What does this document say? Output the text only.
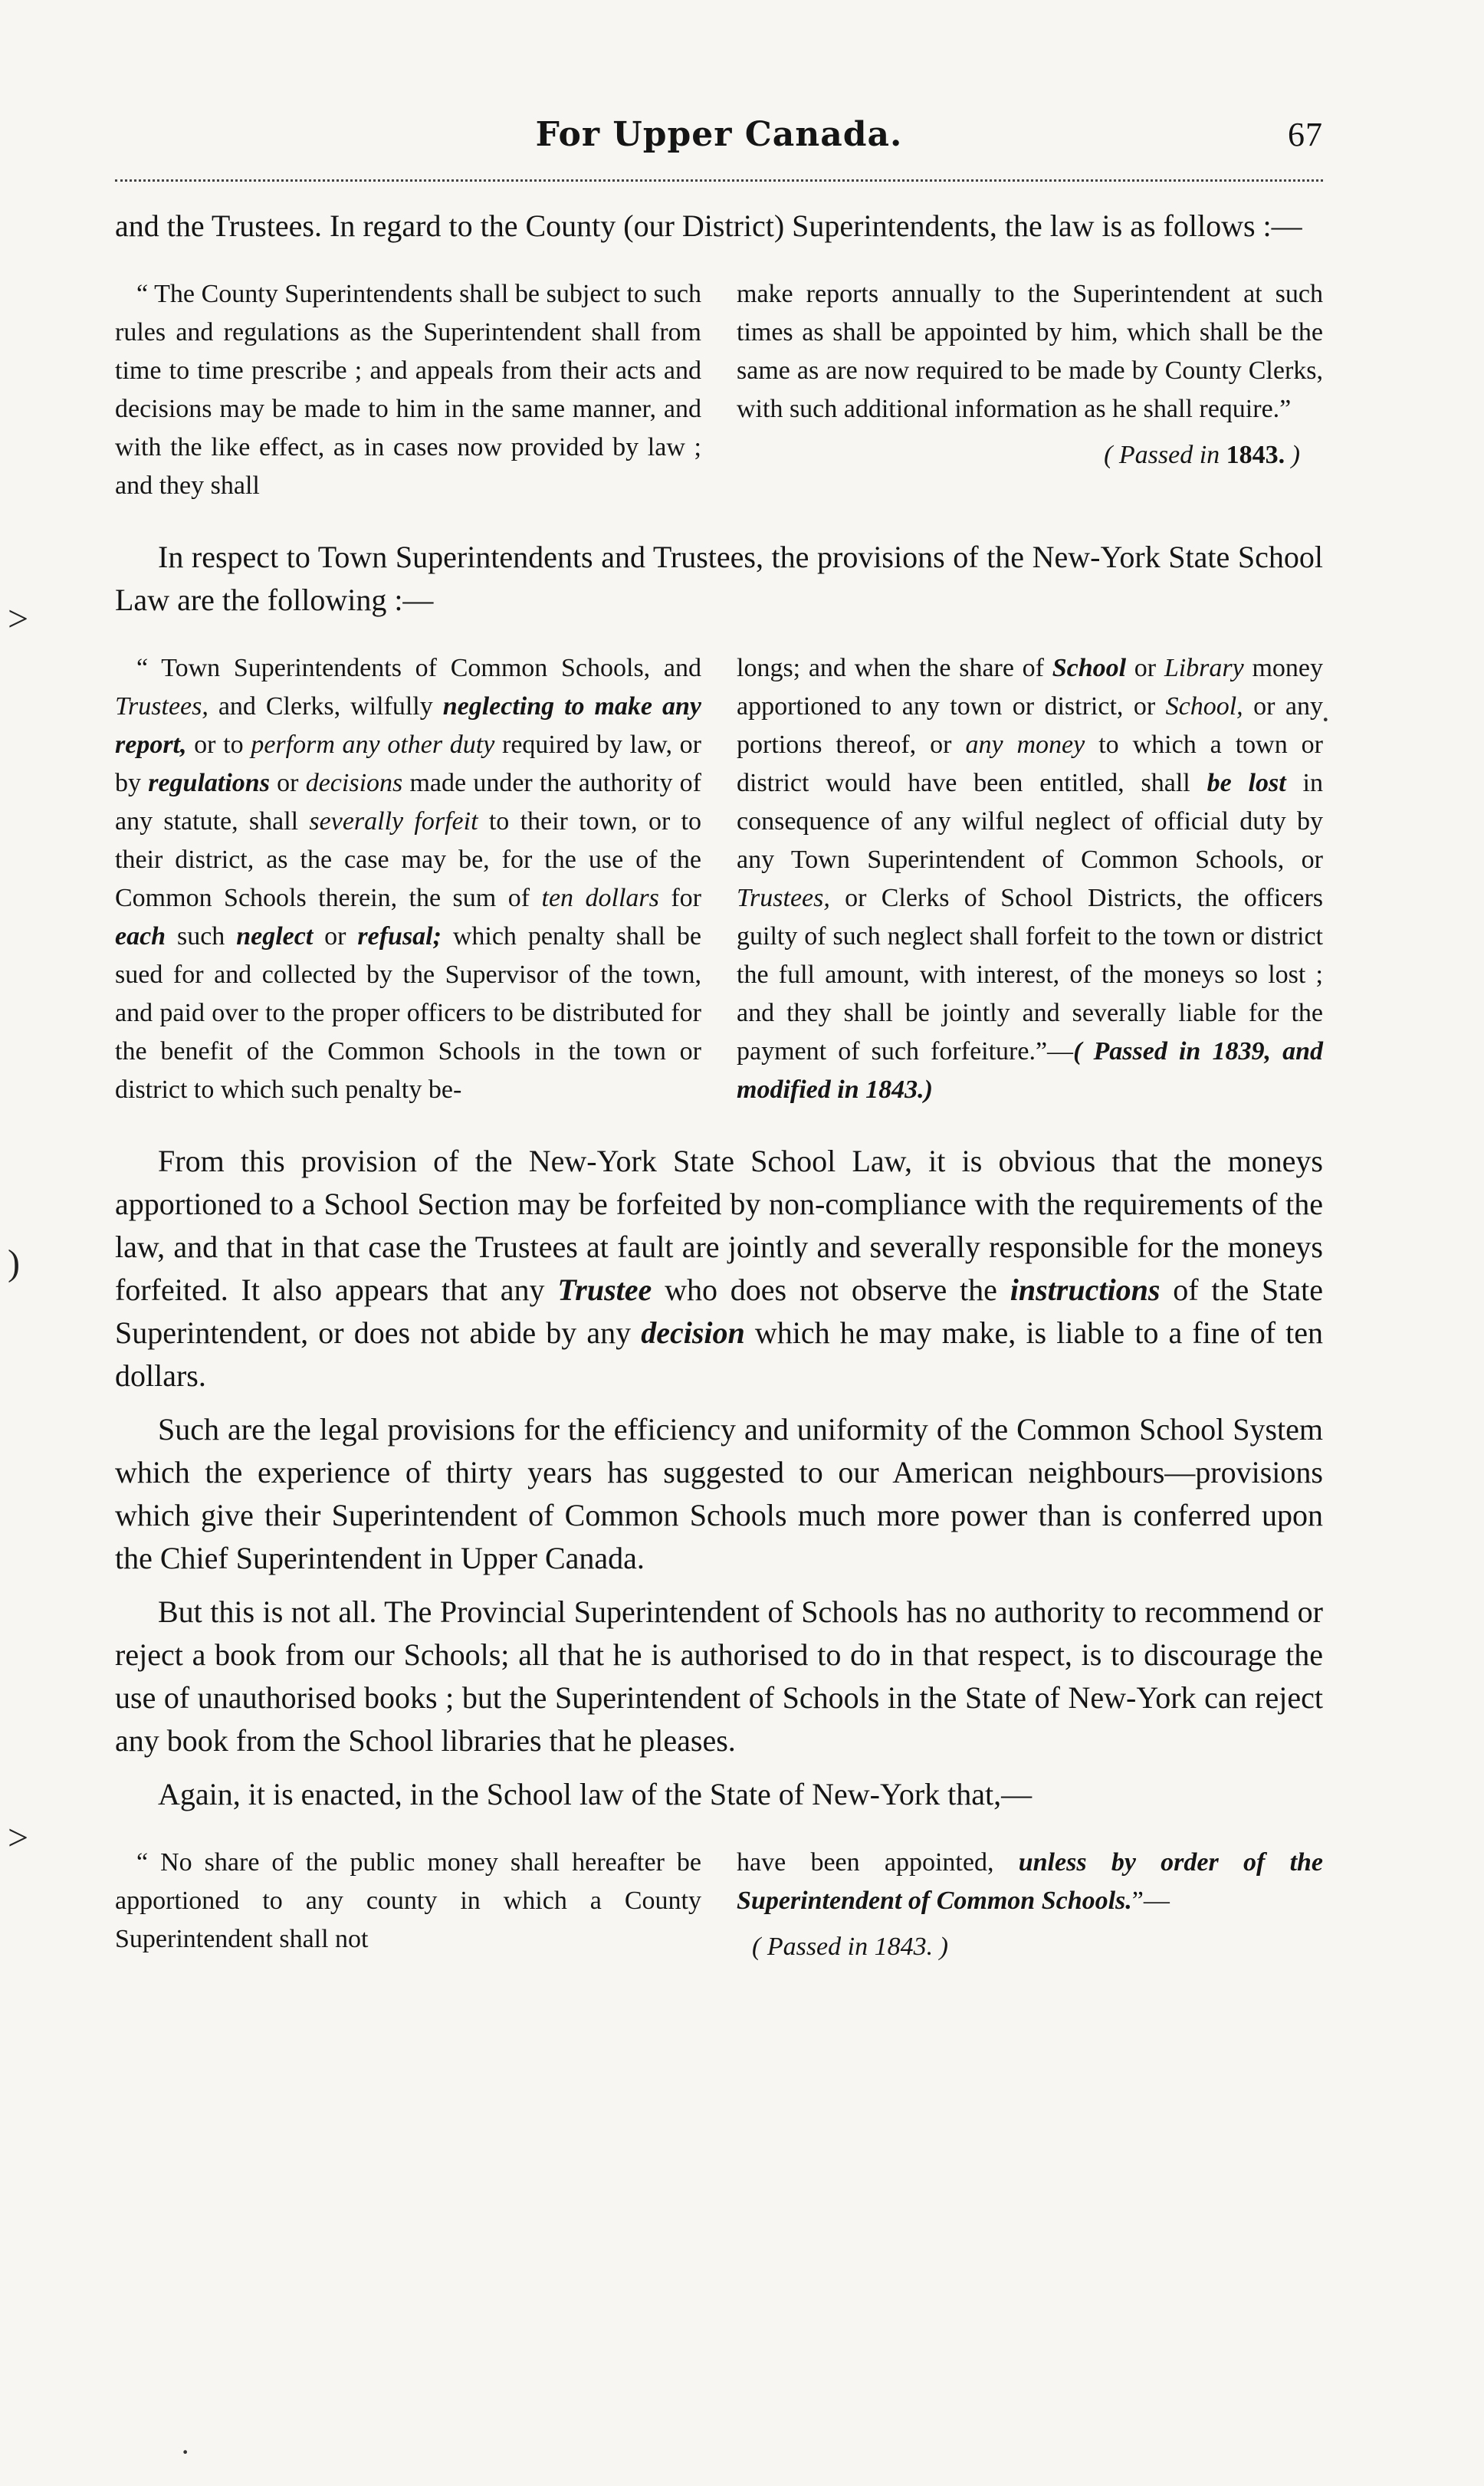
For Upper Canada.	67

and the Trustees. In regard to the County (our District) Superintendents, the law is as follows :—

“ The County Superintendents shall be subject to such rules and regulations as the Superintendent shall from time to time prescribe ; and appeals from their acts and decisions may be made to him in the same manner, and with the like effect, as in cases now provided by law ; and they shall
make reports annually to the Superintendent at such times as shall be appointed by him, which shall be the same as are now required to be made by County Clerks, with such additional information as he shall require.”
( Passed in 1843. )

In respect to Town Superintendents and Trustees, the provisions of the New-York State School Law are the following :—

“ Town Superintendents of Common Schools, and Trustees, and Clerks, wilfully neglecting to make any report, or to perform any other duty required by law, or by regulations or decisions made under the authority of any statute, shall severally forfeit to their town, or to their district, as the case may be, for the use of the Common Schools therein, the sum of ten dollars for each such neglect or refusal; which penalty shall be sued for and collected by the Supervisor of the town, and paid over to the proper officers to be distributed for the benefit of the Common Schools in the town or district to which such penalty be-
longs; and when the share of School or Library money apportioned to any town or district, or School, or any portions thereof, or any money to which a town or district would have been entitled, shall be lost in consequence of any wilful neglect of official duty by any Town Superintendent of Common Schools, or Trustees, or Clerks of School Districts, the officers guilty of such neglect shall forfeit to the town or district the full amount, with interest, of the moneys so lost ; and they shall be jointly and severally liable for the payment of such forfeiture.”—( Passed in 1839, and modified in 1843.)

From this provision of the New-York State School Law, it is obvious that the moneys apportioned to a School Section may be forfeited by non-compliance with the requirements of the law, and that in that case the Trustees at fault are jointly and severally responsible for the moneys forfeited. It also appears that any Trustee who does not observe the instructions of the State Superintendent, or does not abide by any decision which he may make, is liable to a fine of ten dollars.

Such are the legal provisions for the efficiency and uniformity of the Common School System which the experience of thirty years has suggested to our American neighbours—provisions which give their Superintendent of Common Schools much more power than is conferred upon the Chief Superintendent in Upper Canada.

But this is not all. The Provincial Superintendent of Schools has no authority to recommend or reject a book from our Schools; all that he is authorised to do in that respect, is to discourage the use of unauthorised books ; but the Superintendent of Schools in the State of New-York can reject any book from the School libraries that he pleases.

Again, it is enacted, in the School law of the State of New-York that,—

“ No share of the public money shall hereafter be apportioned to any county in which a County Superintendent shall not
have been appointed, unless by order of the Superintendent of Common Schools.”—
( Passed in 1843. )
˃
)
˃
·
·
